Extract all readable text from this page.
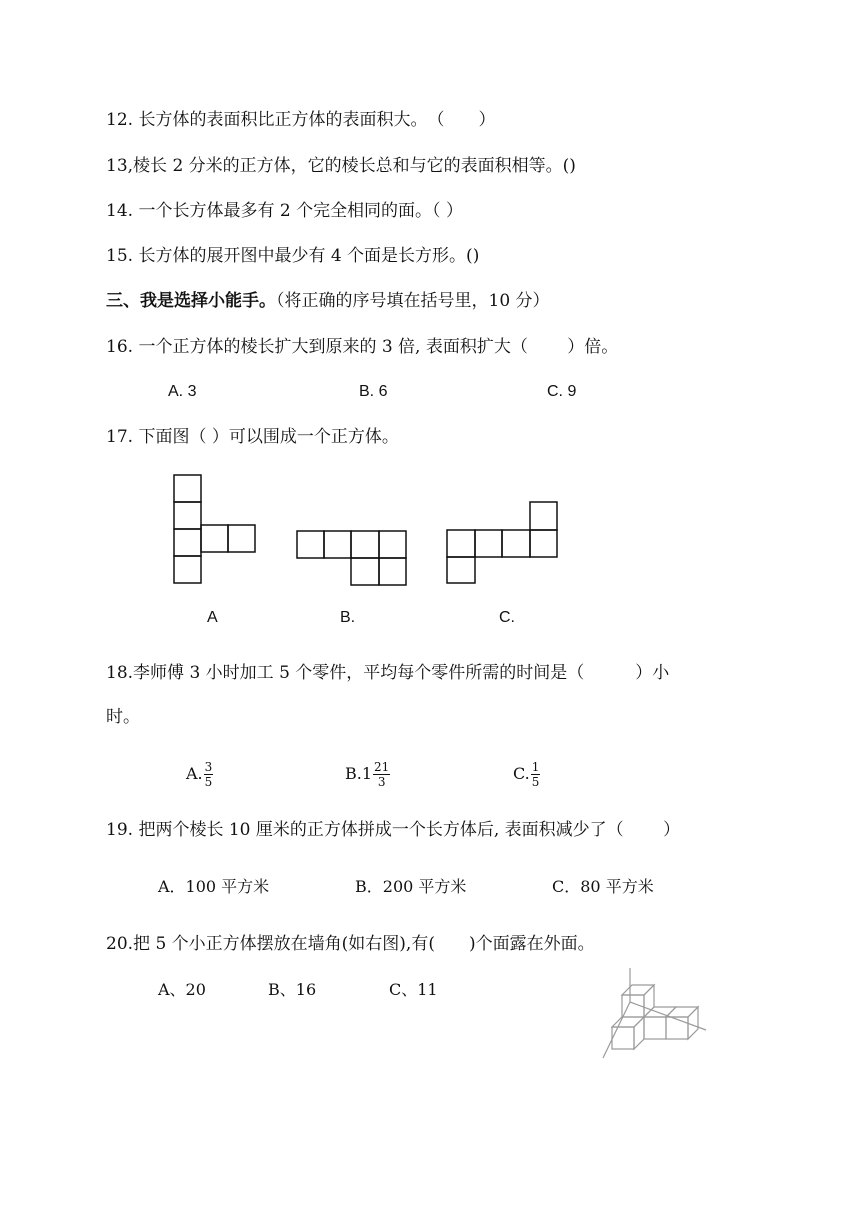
12. 长方体的表面积比正方体的表面积大。　（　　）
13,棱长 2 分米的正方体，它的棱长总和与它的表面积相等。()
14. 一个长方体最多有 2 个完全相同的面。（ ）
15. 长方体的展开图中最少有 4 个面是长方形。()
三、我是选择小能手。（将正确的序号填在括号里，10 分）
16. 一个正方体的棱长扩大到原来的 3 倍, 表面积扩大（　　 ）倍。
A. 3	B. 6	C. 9
17. 下面图（ ）可以围成一个正方体。
A	B.	C.
18.李师傅 3 小时加工 5 个零件，平均每个零件所需的时间是（　　　）小
时。
A. $\frac{3}{5}$	$B.1 \frac{21}{3}$	C. $\frac{1}{5}$
19. 把两个棱长 10 厘米的正方体拼成一个长方体后, 表面积减少了（　　 ）
A．100 平方米	B．200 平方米	C．80 平方米
20.把 5 个小正方体摆放在墙角(如右图),有(　　)个面露在外面。
A、20	B、16	C、11
